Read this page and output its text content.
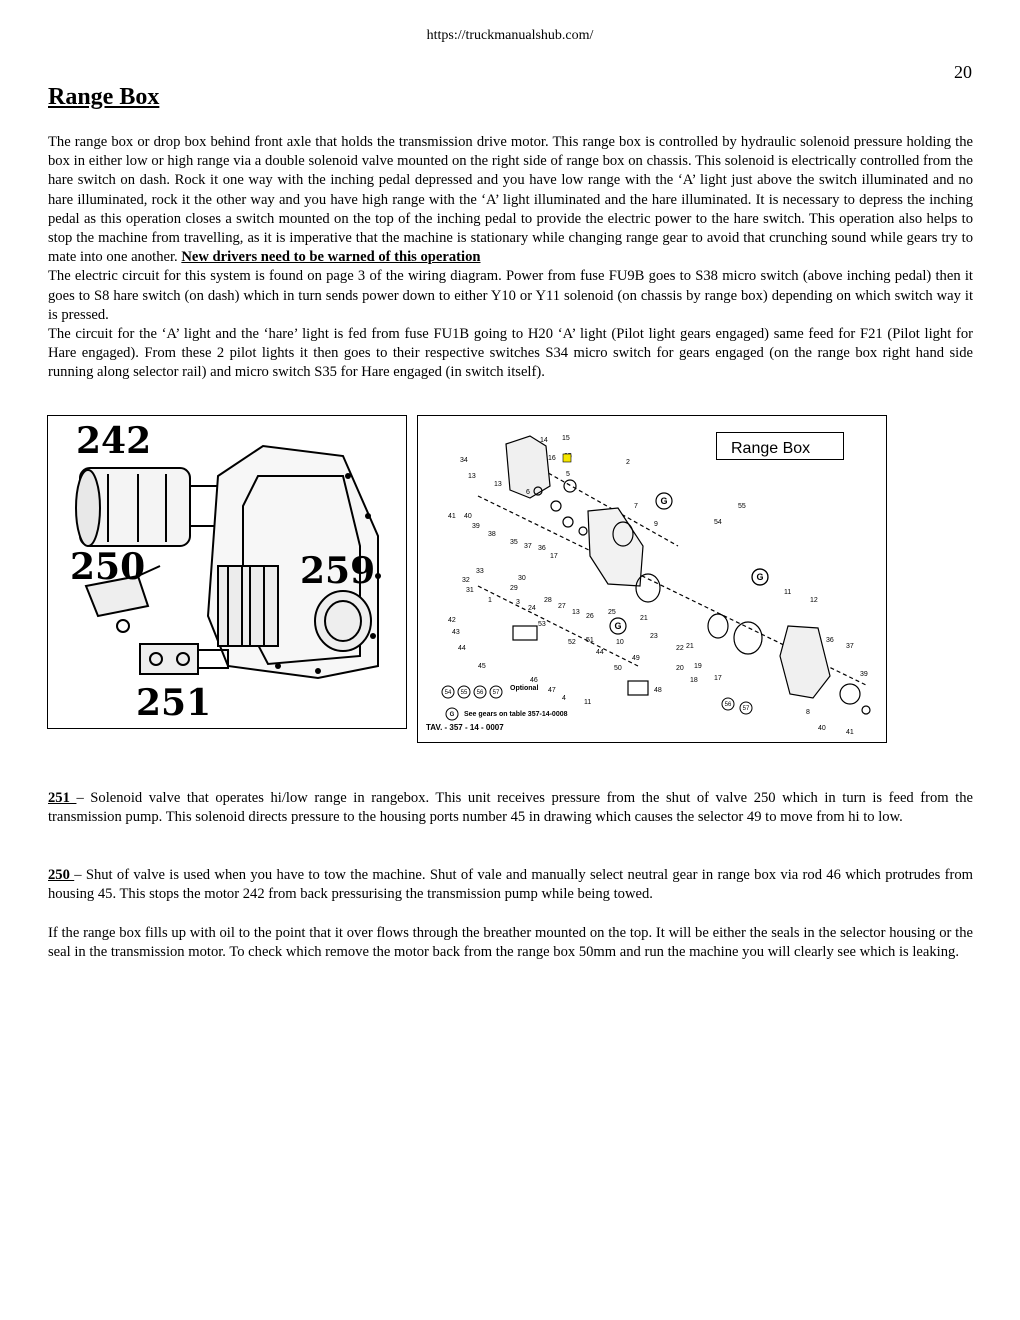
https://truckmanualshub.com/
20
Range Box

The range box or drop box behind front axle that holds the transmission drive motor. This range box is controlled by hydraulic solenoid pressure holding the box in either low or high range via a double solenoid valve mounted on the right side of range box on chassis. This solenoid is electrically controlled from the hare switch on dash. Rock it one way with the inching pedal depressed and you have low range with the ‘A’ light just above the switch illuminated and no hare illuminated, rock it the other way and you have high range with the ‘A’ light illuminated and the hare illuminated. It is necessary to depress the inching pedal as this operation closes a switch mounted on the top of the inching pedal to provide the electric power to the hare switch. This operation also helps to stop the machine from travelling, as it is imperative that the machine is stationary while changing range gear to avoid that crunching sound while gears try to mate into one another. New drivers need to be warned of this operation

The electric circuit for this system is found on page 3 of the wiring diagram. Power from fuse FU9B goes to S38 micro switch (above inching pedal) then it goes to S8 hare switch (on dash) which in turn sends power down to either Y10 or Y11 solenoid (on chassis by range box) depending on which switch way it is pressed.

The circuit for the ‘A’ light and the ‘hare’ light is fed from fuse FU1B going to H20 ‘A’ light (Pilot light gears engaged) same feed for F21 (Pilot light for Hare engaged). From these 2 pilot lights it then goes to their respective switches S34 micro switch for gears engaged (on the range box right hand side running along selector rail) and micro switch S35 for Hare engaged (in switch itself).

242
250	259
251
14 15
34	16
2
13	5
13
6
7
41 40
39
38
9
35
37 36
17
55
54
33
30
32
31	29
3	28
1
24	27
13
26
25
21
11
12
42
43
53
23
52 51	10
44
44	22 21
36
37
49
50
45	20 19
17
18
39
46
47	48
4
11
8
40
41
G
G
G
54 55 56 57
G
56
57
Range Box
Optional
See gears on table 357-14-0008
TAV. - 357 - 14 - 0007

251 – Solenoid valve that operates hi/low range in rangebox. This unit receives pressure from the shut of valve 250 which in turn is feed from the transmission pump. This solenoid directs pressure to the housing ports number 45 in drawing which causes the selector 49 to move from hi to low.

250 – Shut of valve is used when you have to tow the machine. Shut of vale and manually select neutral gear in range box via rod 46 which protrudes from housing 45. This stops the motor 242 from back pressurising the transmission pump while being towed.

If the range box fills up with oil to the point that it over flows through the breather mounted on the top. It will be either the seals in the selector housing or the seal in the transmission motor. To check which remove the motor back from the range box 50mm and run the machine you will clearly see which is leaking.
